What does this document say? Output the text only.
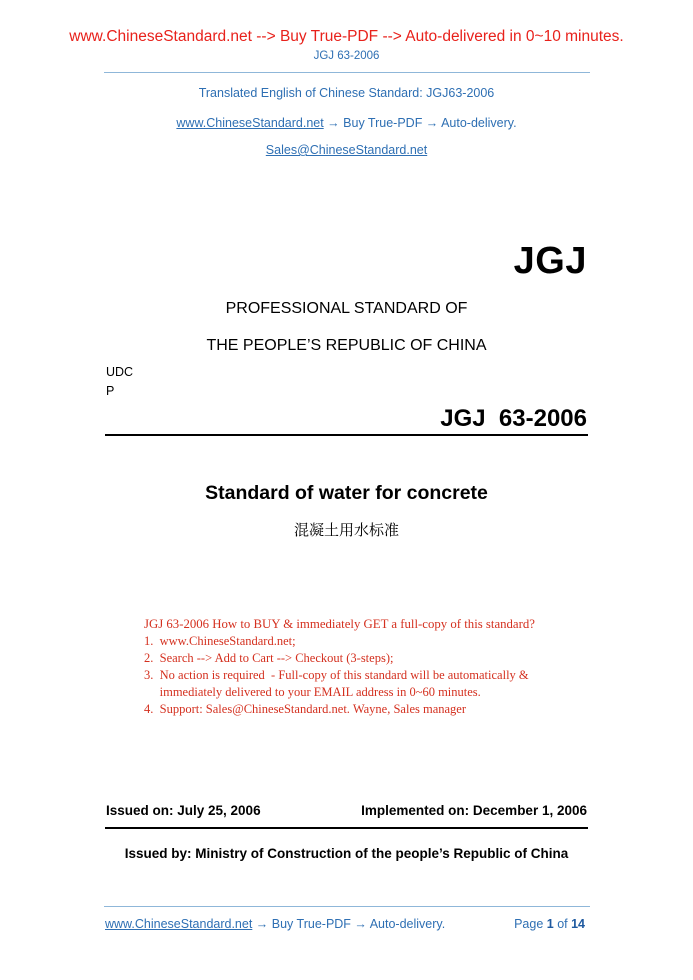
www.ChineseStandard.net --> Buy True-PDF --> Auto-delivered in 0~10 minutes.
JGJ 63-2006
Translated English of Chinese Standard: JGJ63-2006
www.ChineseStandard.net → Buy True-PDF → Auto-delivery.
Sales@ChineseStandard.net
JGJ
PROFESSIONAL STANDARD OF
THE PEOPLE’S REPUBLIC OF CHINA
UDC
P
JGJ  63-2006
Standard of water for concrete
混凝土用水标准
JGJ 63-2006 How to BUY & immediately GET a full-copy of this standard?
1.  www.ChineseStandard.net;
2.  Search --> Add to Cart --> Checkout (3-steps);
3.  No action is required  - Full-copy of this standard will be automatically &
immediately delivered to your EMAIL address in 0~60 minutes.
4.  Support: Sales@ChineseStandard.net. Wayne, Sales manager
Issued on: July 25, 2006	Implemented on: December 1, 2006
Issued by: Ministry of Construction of the people’s Republic of China
www.ChineseStandard.net → Buy True-PDF → Auto-delivery.	Page 1 of 14
